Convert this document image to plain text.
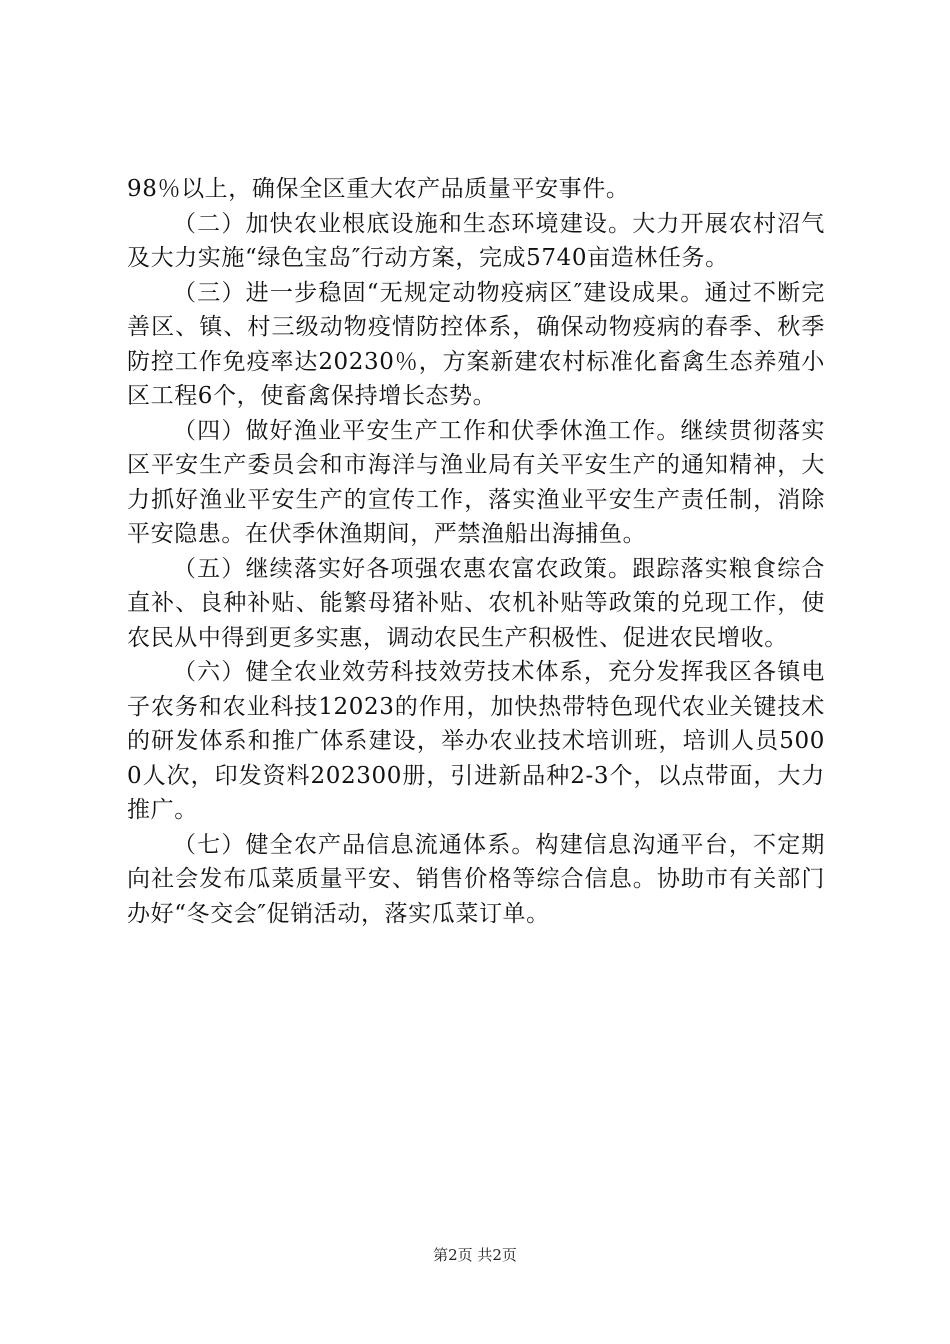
98％以上，确保全区重大农产品质量平安事件。

（二）加快农业根底设施和生态环境建设。大力开展农村沼气及大力实施“绿色宝岛″行动方案，完成5740亩造林任务。

（三）进一步稳固“无规定动物疫病区″建设成果。通过不断完善区、镇、村三级动物疫情防控体系，确保动物疫病的春季、秋季防控工作免疫率达20230％，方案新建农村标准化畜禽生态养殖小区工程6个，使畜禽保持增长态势。

（四）做好渔业平安生产工作和伏季休渔工作。继续贯彻落实区平安生产委员会和市海洋与渔业局有关平安生产的通知精神，大力抓好渔业平安生产的宣传工作，落实渔业平安生产责任制，消除平安隐患。在伏季休渔期间，严禁渔船出海捕鱼。

（五）继续落实好各项强农惠农富农政策。跟踪落实粮食综合直补、良种补贴、能繁母猪补贴、农机补贴等政策的兑现工作，使农民从中得到更多实惠，调动农民生产积极性、促进农民增收。

（六）健全农业效劳科技效劳技术体系，充分发挥我区各镇电子农务和农业科技12023的作用，加快热带特色现代农业关键技术的研发体系和推广体系建设，举办农业技术培训班，培训人员5000人次，印发资料202300册，引进新品种2-3个，以点带面，大力推广。

（七）健全农产品信息流通体系。构建信息沟通平台，不定期向社会发布瓜菜质量平安、销售价格等综合信息。协助市有关部门办好“冬交会″促销活动，落实瓜菜订单。

第2页 共2页
